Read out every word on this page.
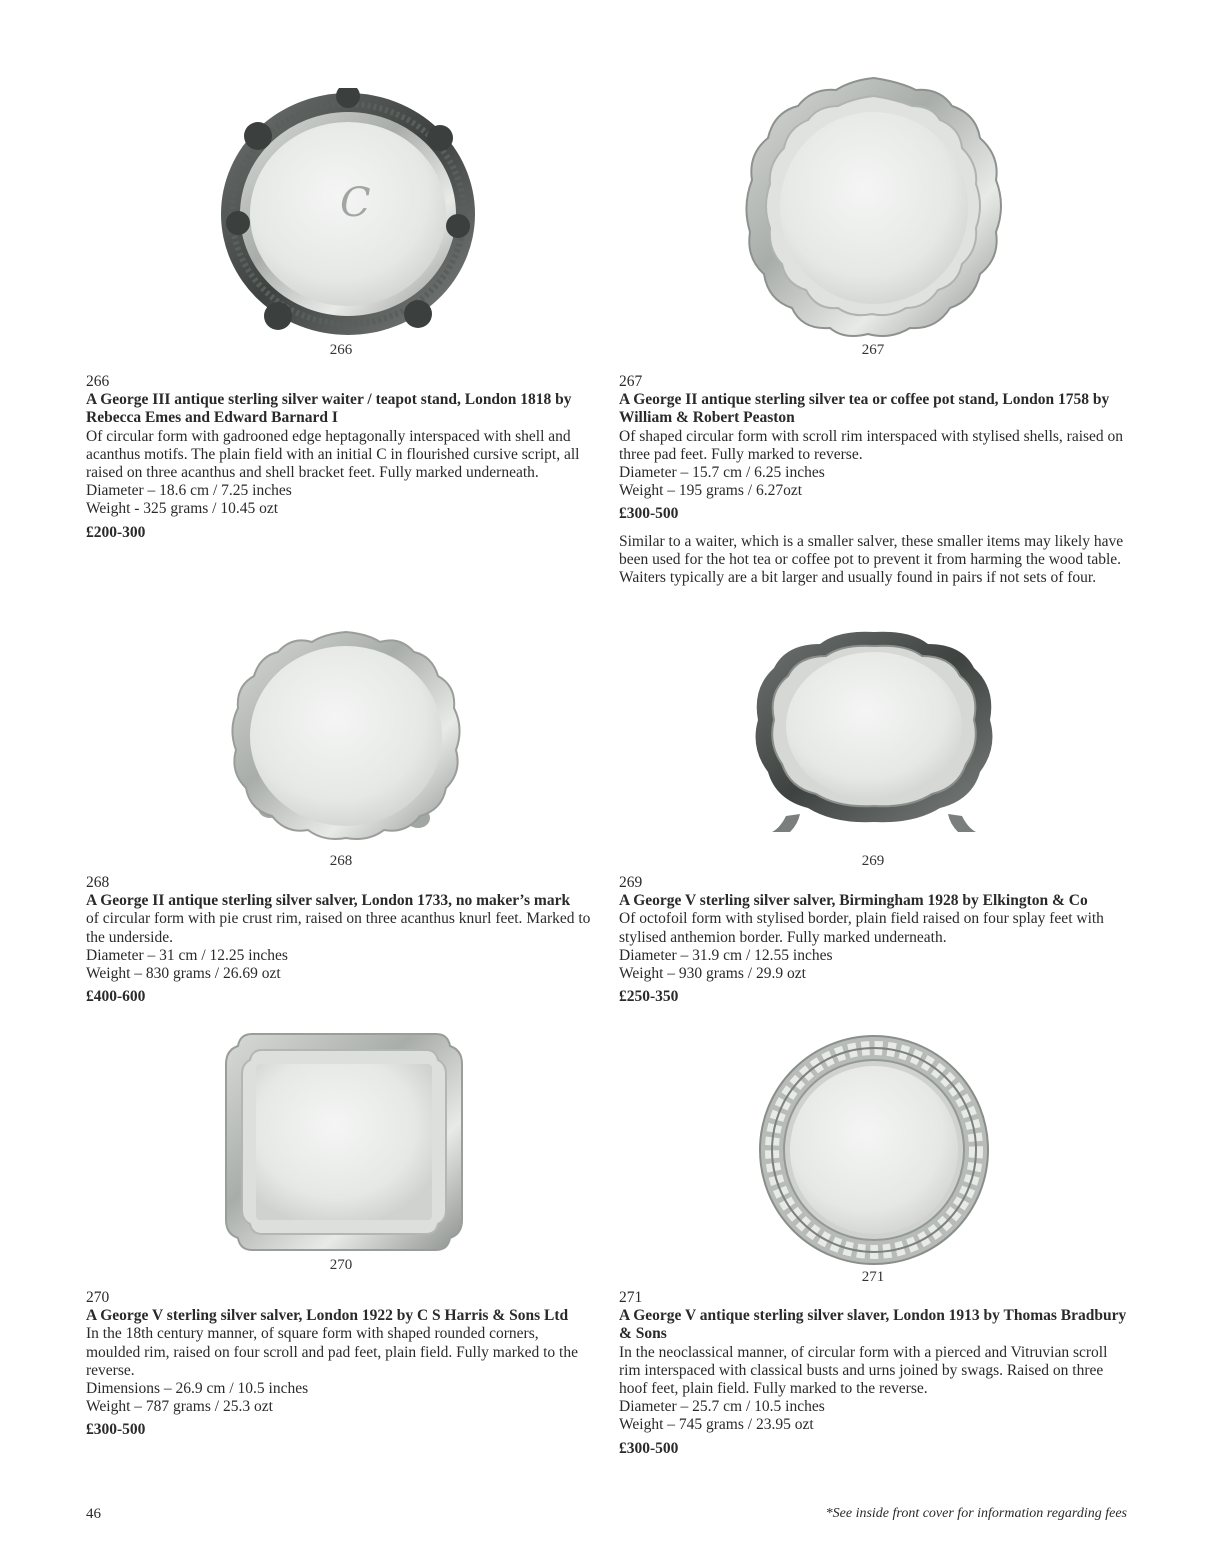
C
266	267
266
A George III antique sterling silver waiter / teapot stand, London 1818 by Rebecca Emes and Edward Barnard I
Of circular form with gadrooned edge heptagonally interspaced with shell and acanthus motifs. The plain field with an initial C in flourished cursive script, all raised on three acanthus and shell bracket feet. Fully marked underneath.
Diameter – 18.6 cm / 7.25 inches
Weight - 325 grams / 10.45 ozt
£200-300
267
A George II antique sterling silver tea or coffee pot stand, London 1758 by William & Robert Peaston
Of shaped circular form with scroll rim interspaced with stylised shells, raised on three pad feet. Fully marked to reverse.
Diameter – 15.7 cm / 6.25 inches
Weight – 195 grams / 6.27ozt
£300-500
Similar to a waiter, which is a smaller salver, these smaller items may likely have been used for the hot tea or coffee pot to prevent it from harming the wood table. Waiters typically are a bit larger and usually found in pairs if not sets of four.
268	269
268
A George II antique sterling silver salver, London 1733, no maker’s mark
of circular form with pie crust rim, raised on three acanthus knurl feet. Marked to the underside.
Diameter – 31 cm / 12.25 inches
Weight – 830 grams / 26.69 ozt
£400-600
269
A George V sterling silver salver, Birmingham 1928 by Elkington & Co
Of octofoil form with stylised border, plain field raised on four splay feet with stylised anthemion border. Fully marked underneath.
Diameter – 31.9 cm / 12.55 inches
Weight – 930 grams / 29.9 ozt
£250-350
270
271
270
A George V sterling silver salver, London 1922 by C S Harris & Sons Ltd
In the 18th century manner, of square form with shaped rounded corners, moulded rim, raised on four scroll and pad feet, plain field. Fully marked to the reverse.
Dimensions – 26.9 cm / 10.5 inches
Weight – 787 grams / 25.3 ozt
£300-500
271
A George V antique sterling silver slaver, London 1913 by Thomas Bradbury & Sons
In the neoclassical manner, of circular form with a pierced and Vitruvian scroll rim interspaced with classical busts and urns joined by swags. Raised on three hoof feet, plain field. Fully marked to the reverse.
Diameter – 25.7 cm / 10.5 inches
Weight – 745 grams / 23.95 ozt
£300-500
46	*See inside front cover for information regarding fees
